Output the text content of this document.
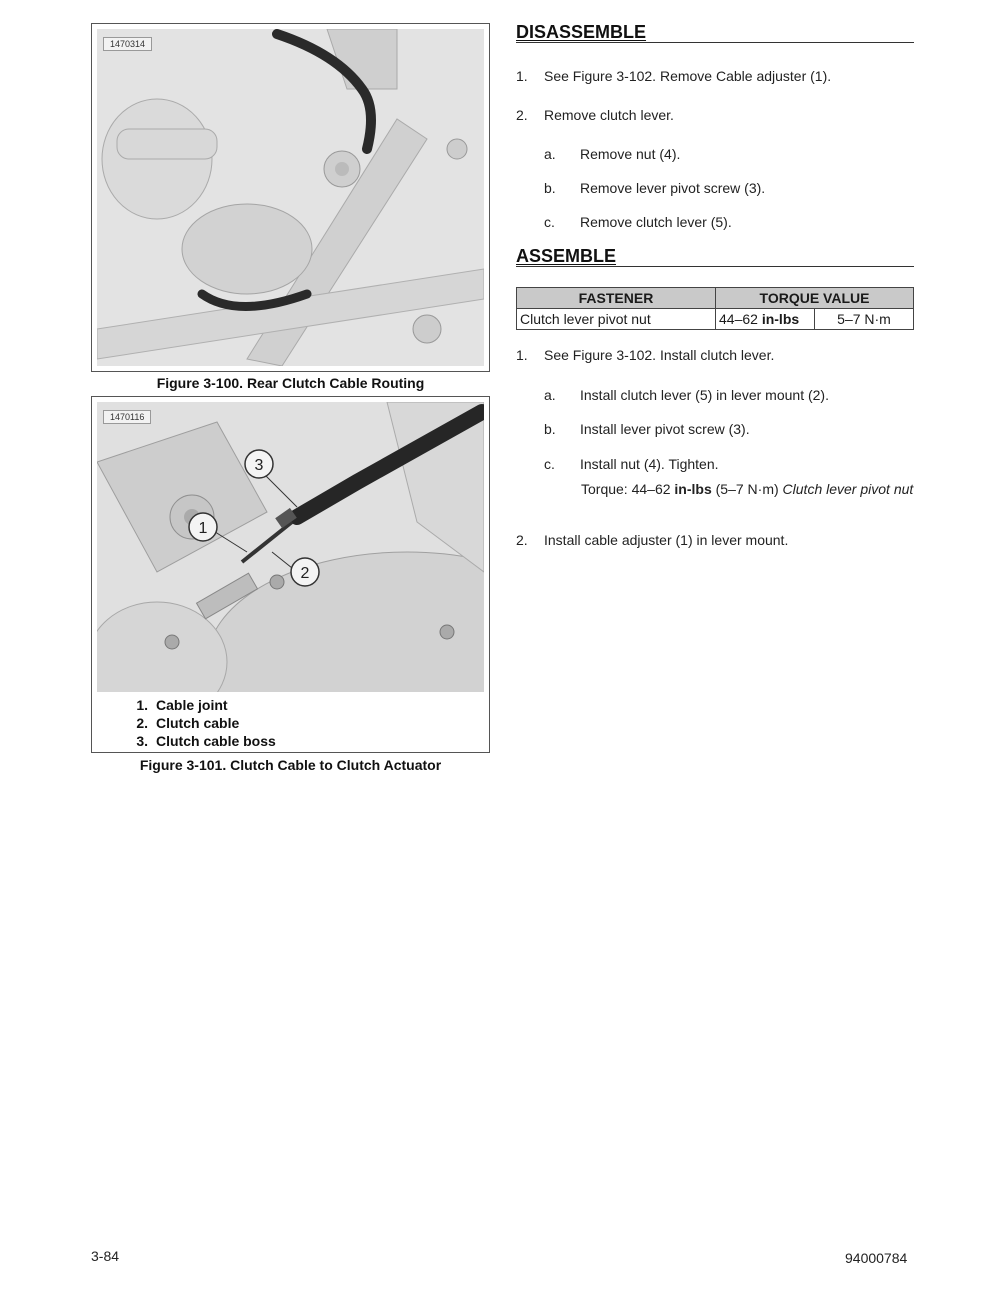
1470314
Figure 3-100. Rear Clutch Cable Routing
1470116
3
1
2
1. Cable joint
2. Clutch cable
3. Clutch cable boss
Figure 3-101. Clutch Cable to Clutch Actuator
DISASSEMBLE
1. See Figure 3-102. Remove Cable adjuster (1).
2. Remove clutch lever.
a. Remove nut (4).
b. Remove lever pivot screw (3).
c. Remove clutch lever (5).
ASSEMBLE
FASTENER	TORQUE VALUE	
Clutch lever pivot nut	44–62 in-lbs	5–7 N·m
1. See Figure 3-102. Install clutch lever.
a. Install clutch lever (5) in lever mount (2).
b. Install lever pivot screw (3).
c. Install nut (4). Tighten.
Torque: 44–62 in-lbs (5–7 N·m) Clutch lever pivot nut
2. Install cable adjuster (1) in lever mount.
3-84	94000784
